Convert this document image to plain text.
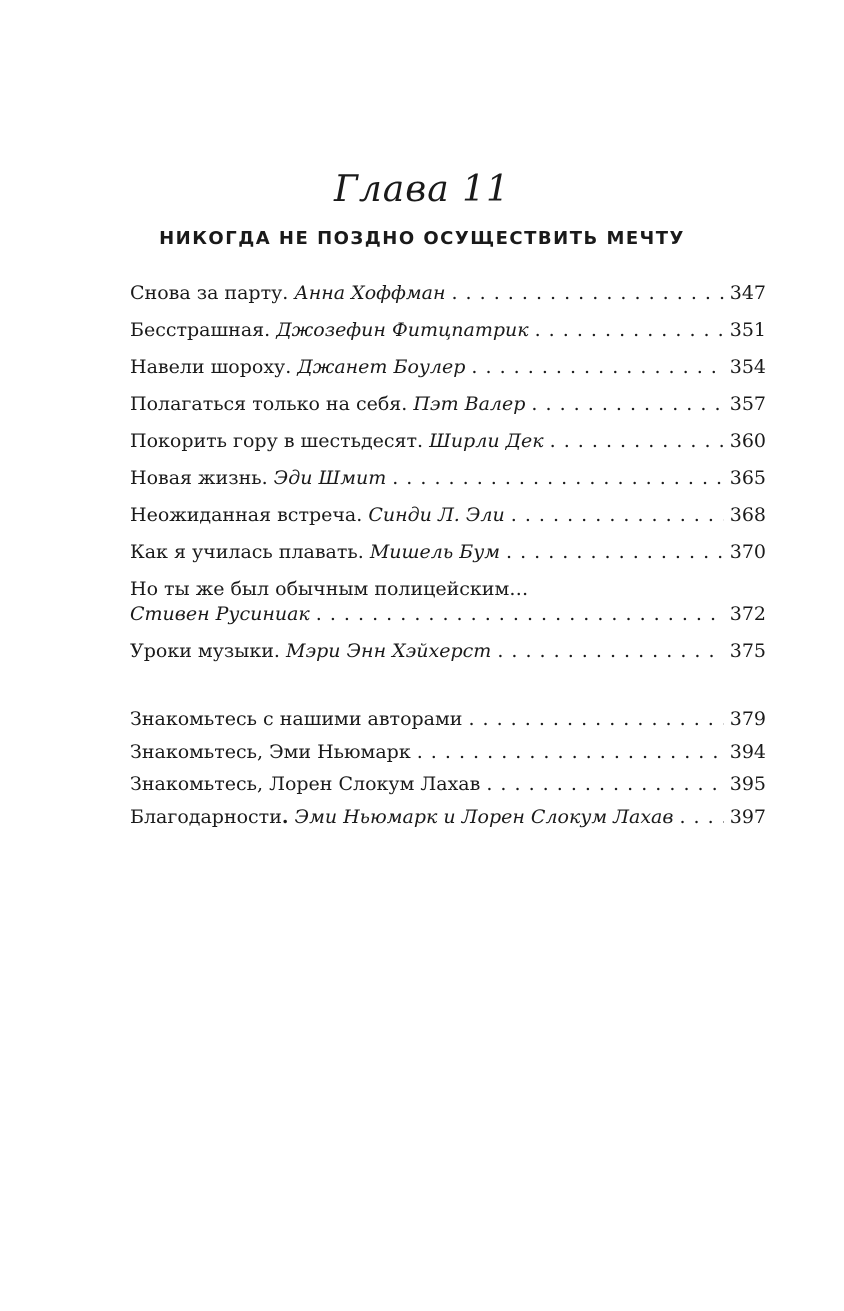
Глава 11
НИКОГДА НЕ ПОЗДНО ОСУЩЕСТВИТЬ МЕЧТУ
Снова за парту.
Анна Хоффман . . .	347
Бесстрашная.
Джозефин Фитцпатрик . . .	351
Навели шороху.
Джанет Боулер . . .	354
Полагаться только на себя.
Пэт Валер . . .	357
Покорить гору в шестьдесят.
Ширли Дек . . .	360
Новая жизнь.
Эди Шмит . . .	365
Неожиданная встреча.
Синди Л. Эли . . .	368
Как я училась плавать.
Мишель Бум . . .	370
Но ты же был обычным полицейским…
Стивен Русиниак . . .	372
Уроки музыки.
Мэри Энн Хэйхерст . . .	375
Знакомьтесь с нашими авторами . . .	379
Знакомьтесь, Эми Ньюмарк . . .	394
Знакомьтесь, Лорен Слокум Лахав . . .	395
Благодарности .
Эми Ньюмарк и Лорен Слокум Лахав . . .	397
